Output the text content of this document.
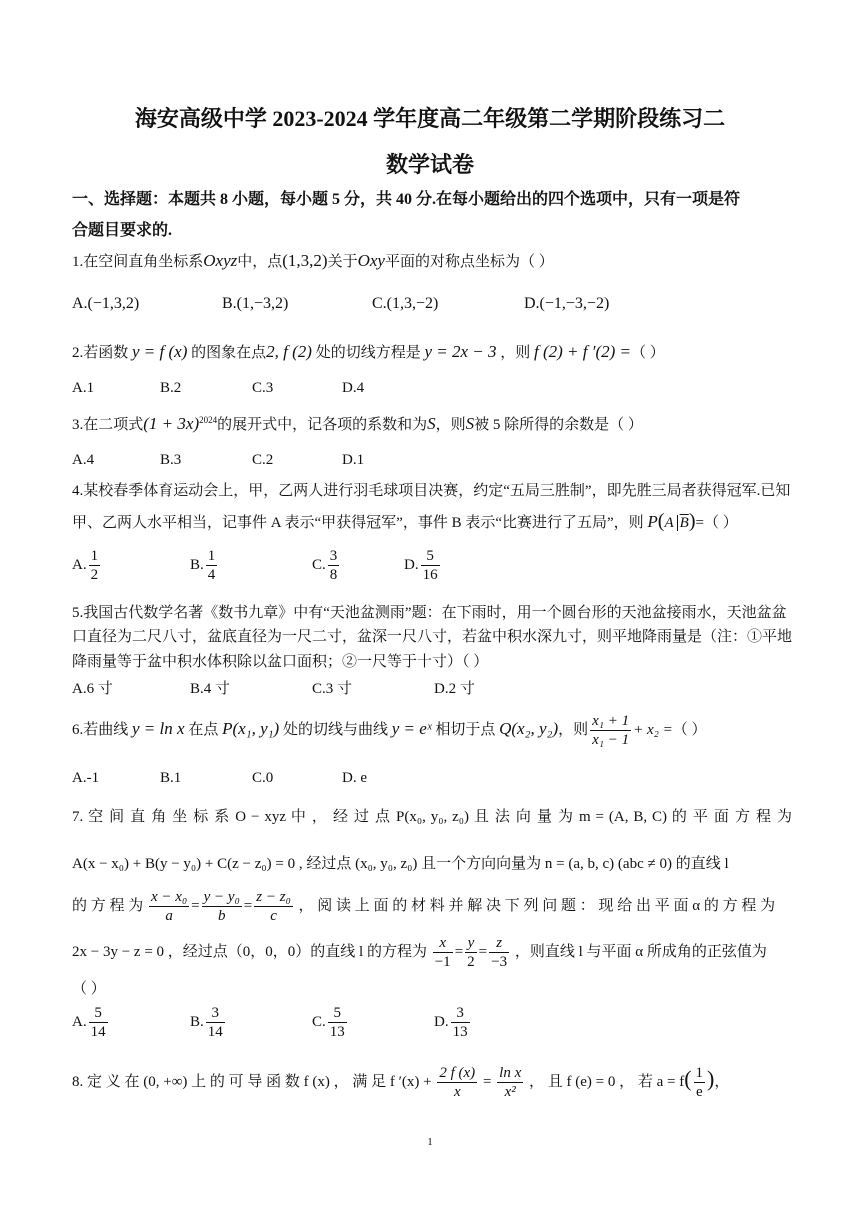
海安高级中学 2023-2024 学年度高二年级第二学期阶段练习二
数学试卷
一、选择题：本题共 8 小题，每小题 5 分，共 40 分.在每小题给出的四个选项中，只有一项是符
合题目要求的.
1.在空间直角坐标系Oxyz中，点(1,3,2)关于Oxy平面的对称点坐标为（ ）
A.(−1,3,2)	B.(1,−3,2)	C.(1,3,−2)	D.(−1,−3,−2)
2.若函数 y = f (x) 的图象在点2, f (2) 处的切线方程是 y = 2x − 3 ，则 f (2) + f ′(2) =（ ）
A.1	B.2	C.3	D.4
3.在二项式$(1 + 3x)^{2024}$的展开式中，记各项的系数和为S，则S被 5 除所得的余数是（ ）
A.4	B.3	C.2	D.1
4.某校春季体育运动会上，甲，乙两人进行羽毛球项目决赛，约定“五局三胜制”，即先胜三局者获得冠军.已知
甲、乙两人水平相当，记事件 A 表示“甲获得冠军”，事件 B 表示“比赛进行了五局”，则 P(A $\overline{B})=$（ ）
A. $\frac{1}{2}$	B. $\frac{1}{4}$	C. $\frac{3}{8}$	D. $\frac{5}{16}$
5.我国古代数学名著《数书九章》中有“天池盆测雨”题：在下雨时，用一个圆台形的天池盆接雨水，天池盆盆
口直径为二尺八寸，盆底直径为一尺二寸，盆深一尺八寸，若盆中积水深九寸，则平地降雨量是（注：①平地
降雨量等于盆中积水体积除以盆口面积；②一尺等于十寸）（ ）
A.6 寸	B.4 寸	C.3 寸	D.2 寸
6.若曲线 y = ln x 在点 P(x₁, y₁) 处的切线与曲线 y = eˣ 相切于点 Q(x₂, y₂)，则 $\frac{\text{x₁ + 1}}{\text{x₁ − 1}} + x_2$ =（ ）
A.-1	B.1	C.0	D. e
7. 空 间 直 角 坐 标 系 O − xyz 中 ， 经 过 点 P(x₀, y₀, z₀) 且 法 向 量 为 m = (A, B, C) 的 平 面 方 程 为
A(x − x₀) + B(y − y₀) + C(z − z₀) = 0 , 经过点 (x₀, y₀, z₀) 且一个方向向量为 n = (a, b, c) (abc ≠ 0) 的直线 l
的 方 程 为 $\frac{\text{x − x₀}}{a} = \frac{\text{y − y₀}}{b} = \frac{\text{z − z₀}}{c}$ ， 阅 读 上 面 的 材 料 并 解 决 下 列 问 题 ： 现 给 出 平 面 α 的 方 程 为
2x − 3y − z = 0 ，经过点（0，0，0）的直线 l 的方程为 $\frac{x}{-1} = \frac{y}{2} = \frac{z}{-3}$ ，则直线 l 与平面 α 所成角的正弦值为
（ ）
A. $\frac{5}{14}$	B. $\frac{3}{14}$	C. $\frac{5}{13}$	D. $\frac{3}{13}$
8. 定 义 在 (0, +∞) 上 的 可 导 函 数 f (x) ， 满 足 f $'(x) + \frac{2 f (x)}{x} = \frac{\text{ln x}}{\text{x²}}$ ， 且 f (e) = 0 ， 若 $a = f( \frac{1}{e}$ )，
1
